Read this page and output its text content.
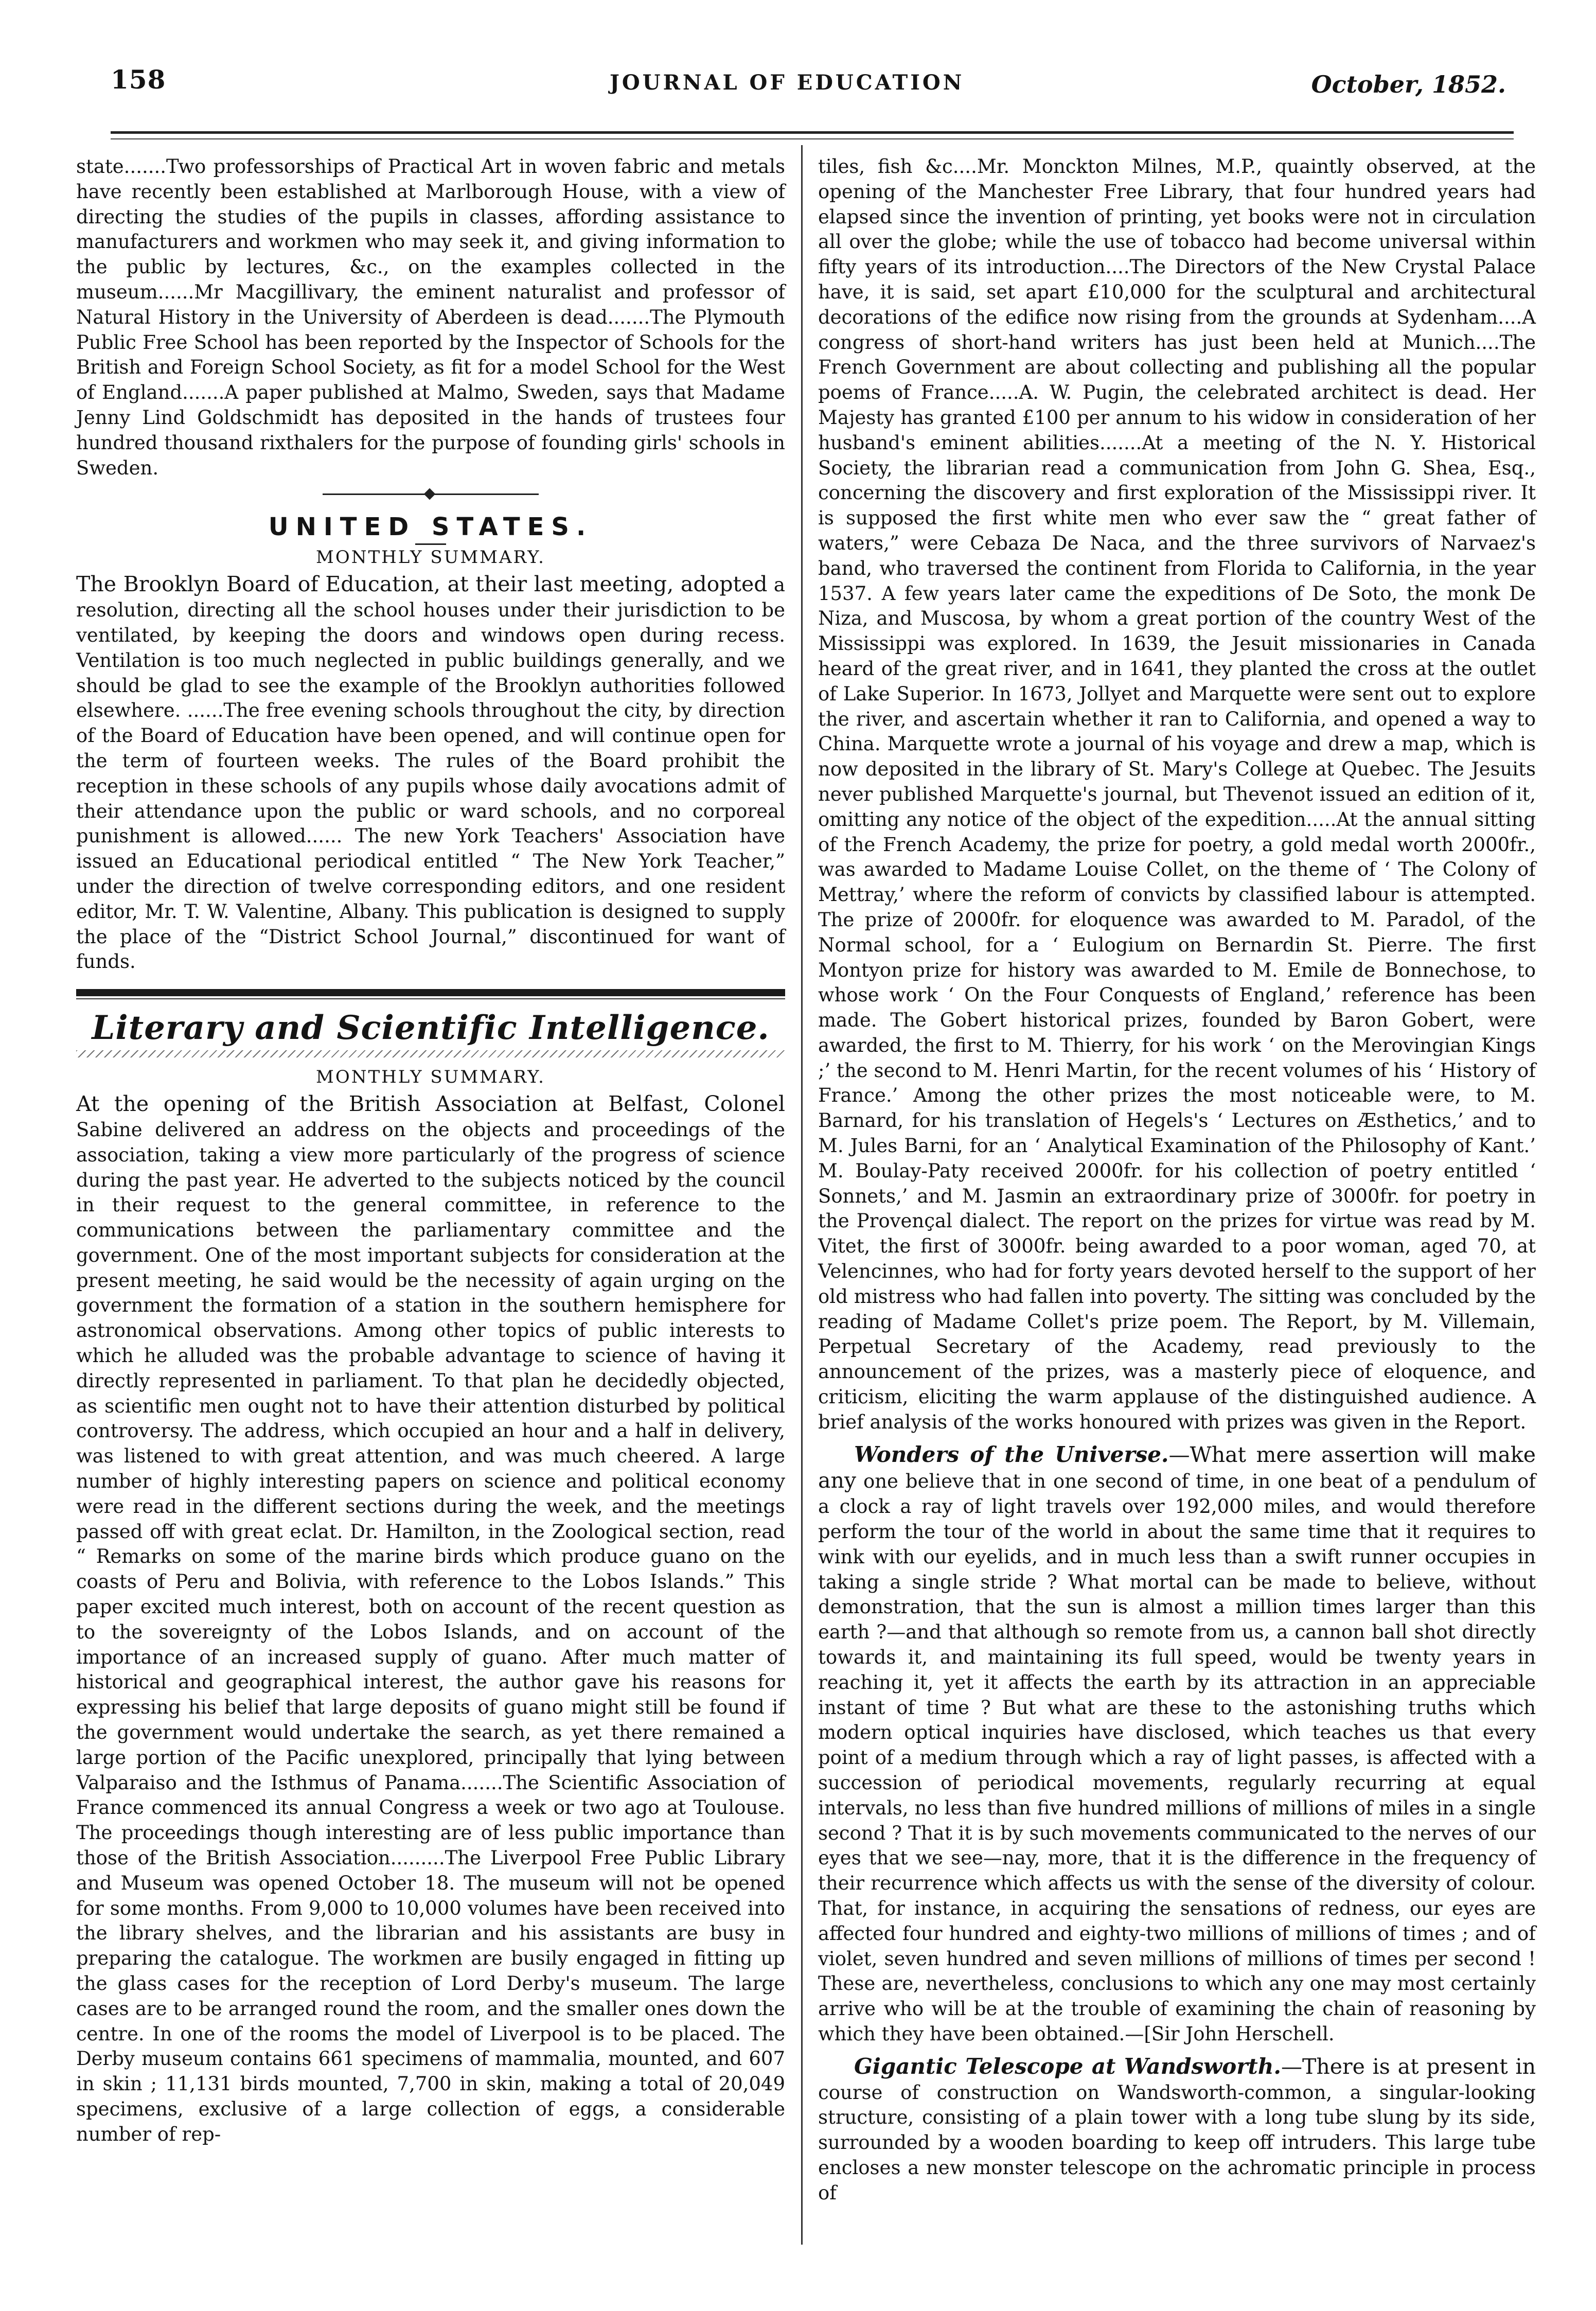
158	JOURNAL OF EDUCATION	October, 1852.

state.......Two professorships of Practical Art in woven fabric and metals have recently been established at Marlborough House, with a view of directing the studies of the pupils in classes, affording assistance to manufacturers and workmen who may seek it, and giving information to the public by lectures, &c., on the examples collected in the museum......Mr Macgillivary, the eminent naturalist and professor of Natural History in the University of Aberdeen is dead.......The Plymouth Public Free School has been reported by the Inspector of Schools for the British and Foreign School Society, as fit for a model School for the West of England.......A paper published at Malmo, Sweden, says that Madame Jenny Lind Goldschmidt has deposited in the hands of trustees four hundred thousand rixthalers for the purpose of founding girls' schools in Sweden.

UNITED STATES.
MONTHLY SUMMARY.

The Brooklyn Board of Education, at their last meeting, adopted a resolution, directing all the school houses under their jurisdiction to be ventilated, by keeping the doors and windows open during recess. Ventilation is too much neglected in public buildings generally, and we should be glad to see the example of the Brooklyn authorities followed elsewhere. ......The free evening schools throughout the city, by direction of the Board of Education have been opened, and will continue open for the term of fourteen weeks. The rules of the Board prohibit the reception in these schools of any pupils whose daily avocations admit of their attendance upon the public or ward schools, and no corporeal punishment is allowed...... The new York Teachers' Association have issued an Educational periodical entitled “ The New York Teacher,” under the direction of twelve corresponding editors, and one resident editor, Mr. T. W. Valentine, Albany. This publication is designed to supply the place of the “District School Journal,” discontinued for want of funds.

Literary and Scientific Intelligence.
MONTHLY SUMMARY.

At the opening of the British Association at Belfast, Colonel Sabine delivered an address on the objects and proceedings of the association, taking a view more particularly of the progress of science during the past year. He adverted to the subjects noticed by the council in their request to the general committee, in reference to the communications between the parliamentary committee and the government. One of the most important subjects for consideration at the present meeting, he said would be the necessity of again urging on the government the formation of a station in the southern hemisphere for astronomical observations. Among other topics of public interests to which he alluded was the probable advantage to science of having it directly represented in parliament. To that plan he decidedly objected, as scientific men ought not to have their attention disturbed by political controversy. The address, which occupied an hour and a half in delivery, was listened to with great attention, and was much cheered. A large number of highly interesting papers on science and political economy were read in the different sections during the week, and the meetings passed off with great eclat. Dr. Hamilton, in the Zoological section, read “ Remarks on some of the marine birds which produce guano on the coasts of Peru and Bolivia, with reference to the Lobos Islands.” This paper excited much interest, both on account of the recent question as to the sovereignty of the Lobos Islands, and on account of the importance of an increased supply of guano. After much matter of historical and geographical interest, the author gave his reasons for expressing his belief that large deposits of guano might still be found if the government would undertake the search, as yet there remained a large portion of the Pacific unexplored, principally that lying between Valparaiso and the Isthmus of Panama.......The Scientific Association of France commenced its annual Congress a week or two ago at Toulouse. The proceedings though interesting are of less public importance than those of the British Association.........The Liverpool Free Public Library and Museum was opened October 18. The museum will not be opened for some months. From 9,000 to 10,000 volumes have been received into the library shelves, and the librarian and his assistants are busy in preparing the catalogue. The workmen are busily engaged in fitting up the glass cases for the reception of Lord Derby's museum. The large cases are to be arranged round the room, and the smaller ones down the centre. In one of the rooms the model of Liverpool is to be placed. The Derby museum contains 661 specimens of mammalia, mounted, and 607 in skin ; 11,131 birds mounted, 7,700 in skin, making a total of 20,049 specimens, exclusive of a large collection of eggs, a considerable number of rep-

tiles, fish &c....Mr. Monckton Milnes, M.P., quaintly observed, at the opening of the Manchester Free Library, that four hundred years had elapsed since the invention of printing, yet books were not in circulation all over the globe; while the use of tobacco had become universal within fifty years of its introduction....The Directors of the New Crystal Palace have, it is said, set apart £10,000 for the sculptural and architectural decorations of the edifice now rising from the grounds at Sydenham....A congress of short-hand writers has just been held at Munich....The French Government are about collecting and publishing all the popular poems of France.....A. W. Pugin, the celebrated architect is dead. Her Majesty has granted £100 per annum to his widow in consideration of her husband's eminent abilities.......At a meeting of the N. Y. Historical Society, the librarian read a communication from John G. Shea, Esq., concerning the discovery and first exploration of the Mississippi river. It is supposed the first white men who ever saw the “ great father of waters,” were Cebaza De Naca, and the three survivors of Narvaez's band, who traversed the continent from Florida to California, in the year 1537. A few years later came the expeditions of De Soto, the monk De Niza, and Muscosa, by whom a great portion of the country West of the Mississippi was explored. In 1639, the Jesuit missionaries in Canada heard of the great river, and in 1641, they planted the cross at the outlet of Lake Superior. In 1673, Jollyet and Marquette were sent out to explore the river, and ascertain whether it ran to California, and opened a way to China. Marquette wrote a journal of his voyage and drew a map, which is now deposited in the library of St. Mary's College at Quebec. The Jesuits never published Marquette's journal, but Thevenot issued an edition of it, omitting any notice of the object of the expedition.....At the annual sitting of the French Academy, the prize for poetry, a gold medal worth 2000fr., was awarded to Madame Louise Collet, on the theme of ‘ The Colony of Mettray,’ where the reform of convicts by classified labour is attempted. The prize of 2000fr. for eloquence was awarded to M. Paradol, of the Normal school, for a ‘ Eulogium on Bernardin St. Pierre. The first Montyon prize for history was awarded to M. Emile de Bonnechose, to whose work ‘ On the Four Conquests of England,’ reference has been made. The Gobert historical prizes, founded by Baron Gobert, were awarded, the first to M. Thierry, for his work ‘ on the Merovingian Kings ;’ the second to M. Henri Martin, for the recent volumes of his ‘ History of France.’ Among the other prizes the most noticeable were, to M. Barnard, for his translation of Hegels's ‘ Lectures on Æsthetics,’ and to M. Jules Barni, for an ‘ Analytical Examination of the Philosophy of Kant.’ M. Boulay-Paty received 2000fr. for his collection of poetry entitled ‘ Sonnets,’ and M. Jasmin an extraordinary prize of 3000fr. for poetry in the Provençal dialect. The report on the prizes for virtue was read by M. Vitet, the first of 3000fr. being awarded to a poor woman, aged 70, at Velencinnes, who had for forty years devoted herself to the support of her old mistress who had fallen into poverty. The sitting was concluded by the reading of Madame Collet's prize poem. The Report, by M. Villemain, Perpetual Secretary of the Academy, read previously to the announcement of the prizes, was a masterly piece of eloquence, and criticism, eliciting the warm applause of the distinguished audience. A brief analysis of the works honoured with prizes was given in the Report.

Wonders of the Universe.—What mere assertion will make any one believe that in one second of time, in one beat of a pendulum of a clock a ray of light travels over 192,000 miles, and would therefore perform the tour of the world in about the same time that it requires to wink with our eyelids, and in much less than a swift runner occupies in taking a single stride ? What mortal can be made to believe, without demonstration, that the sun is almost a million times larger than this earth ?—and that although so remote from us, a cannon ball shot directly towards it, and maintaining its full speed, would be twenty years in reaching it, yet it affects the earth by its attraction in an appreciable instant of time ? But what are these to the astonishing truths which modern optical inquiries have disclosed, which teaches us that every point of a medium through which a ray of light passes, is affected with a succession of periodical movements, regularly recurring at equal intervals, no less than five hundred millions of millions of miles in a single second ? That it is by such movements communicated to the nerves of our eyes that we see—nay, more, that it is the difference in the frequency of their recurrence which affects us with the sense of the diversity of colour. That, for instance, in acquiring the sensations of redness, our eyes are affected four hundred and eighty-two millions of millions of times ; and of violet, seven hundred and seven millions of millions of times per second ! These are, nevertheless, conclusions to which any one may most certainly arrive who will be at the trouble of examining the chain of reasoning by which they have been obtained.—[Sir John Herschell.

Gigantic Telescope at Wandsworth.—There is at present in course of construction on Wandsworth-common, a singular-looking structure, consisting of a plain tower with a long tube slung by its side, surrounded by a wooden boarding to keep off intruders. This large tube encloses a new monster telescope on the achromatic principle in process of
